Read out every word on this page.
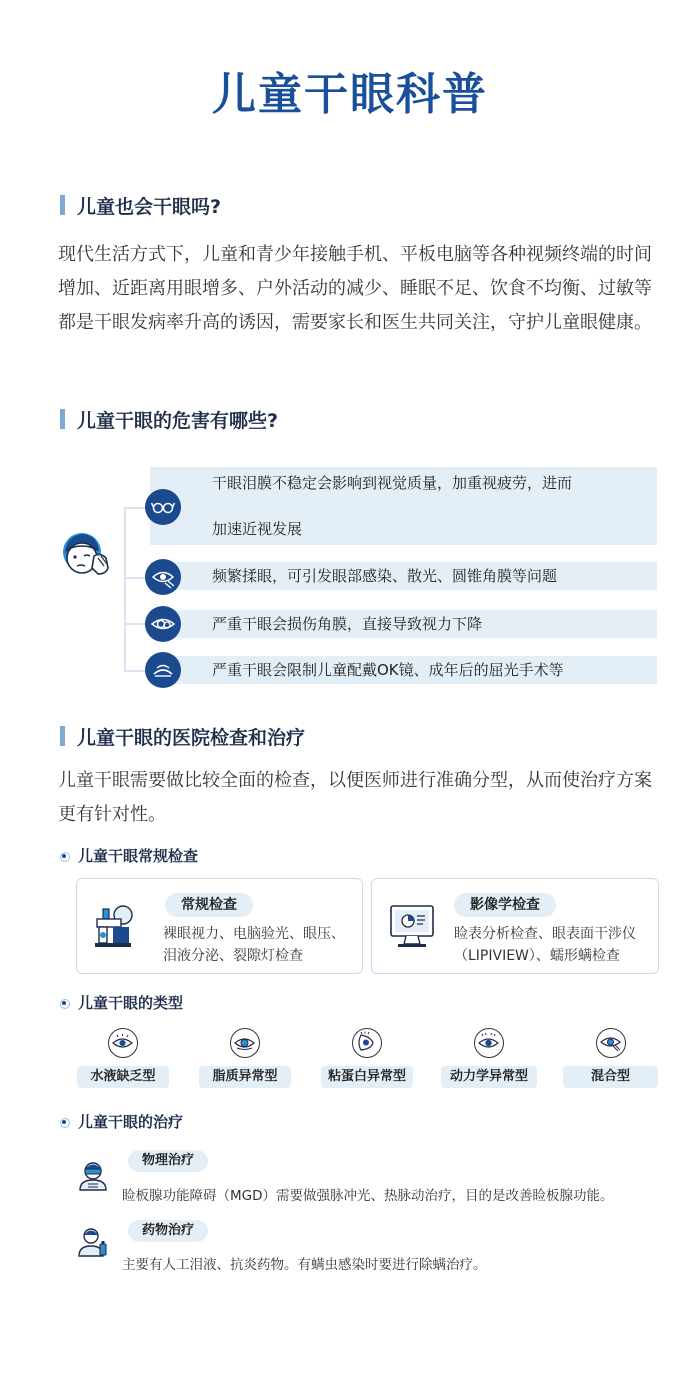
儿童干眼科普
儿童也会干眼吗?
现代生活方式下，儿童和青少年接触手机、平板电脑等各种视频终端的时间增加、近距离用眼增多、户外活动的减少、睡眠不足、饮食不均衡、过敏等都是干眼发病率升高的诱因，需要家长和医生共同关注，守护儿童眼健康。
儿童干眼的危害有哪些?
干眼泪膜不稳定会影响到视觉质量，加重视疲劳，进而
加速近视发展
频繁揉眼，可引发眼部感染、散光、圆锥角膜等问题
严重干眼会损伤角膜，直接导致视力下降
严重干眼会限制儿童配戴OK镜、成年后的屈光手术等
儿童干眼的医院检查和治疗
儿童干眼需要做比较全面的检查，以便医师进行准确分型，从而使治疗方案更有针对性。
儿童干眼常规检查
常规检查
裸眼视力、电脑验光、眼压、
泪液分泌、裂隙灯检查
影像学检查
睑表分析检查、眼表面干涉仪
（LIPIVIEW）、蠕形螨检查
儿童干眼的类型
水液缺乏型	脂质异常型	粘蛋白异常型	动力学异常型	混合型
儿童干眼的治疗
物理治疗
睑板腺功能障碍（MGD）需要做强脉冲光、热脉动治疗，目的是改善睑板腺功能。
药物治疗
主要有人工泪液、抗炎药物。有螨虫感染时要进行除螨治疗。
